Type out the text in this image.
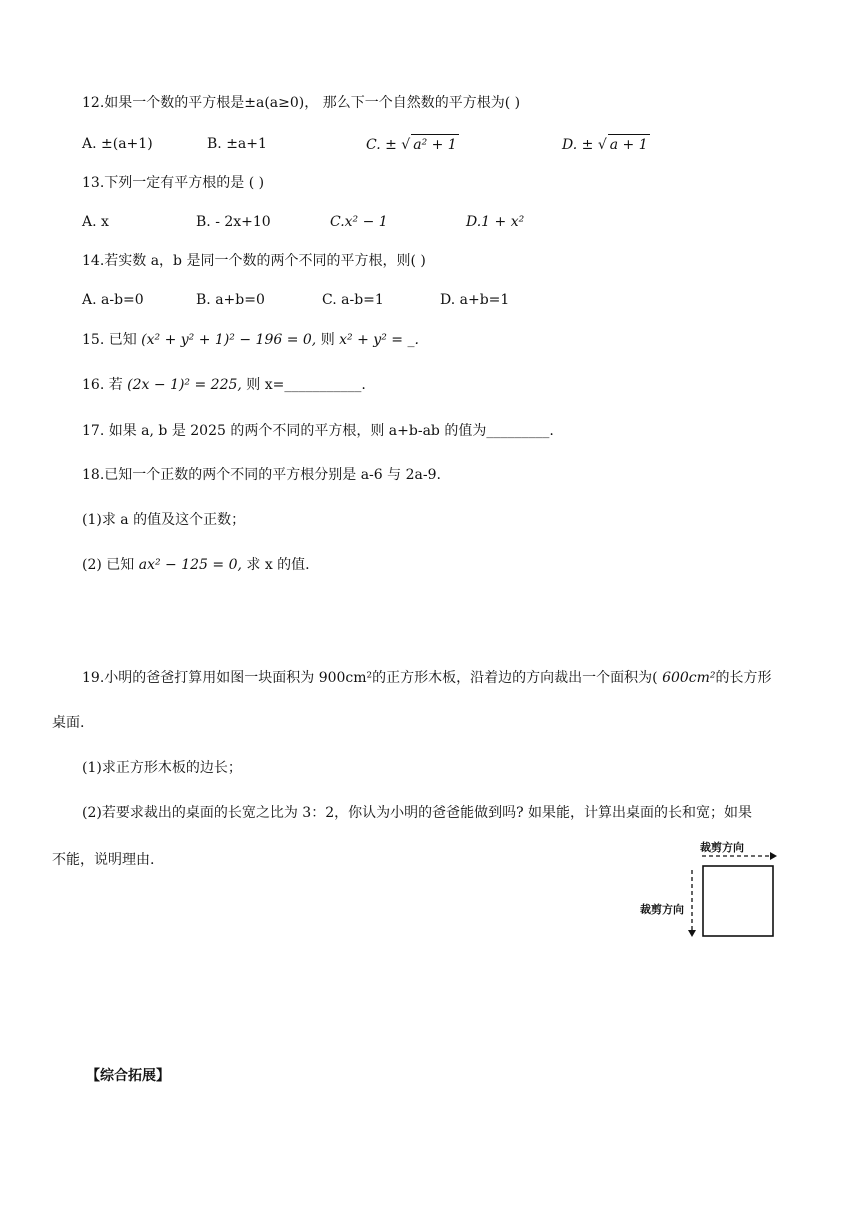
12.如果一个数的平方根是±a(a≥0)， 那么下一个自然数的平方根为( )
A. ±(a+1)	B. ±a+1	C. ± √ a² + 1	D. ± √ a + 1
13.下列一定有平方根的是 ( )
A. x	B. - 2x+10	C.x² − 1	D.1 + x²
14.若实数 a，b 是同一个数的两个不同的平方根，则( )
A. a-b=0	B. a+b=0	C. a-b=1	D. a+b=1
15. 已知 (x² + y² + 1)² − 196 = 0, 则 x² + y² = _.
16. 若 (2x − 1)² = 225, 则 x=___________.
17. 如果 a, b 是 2025 的两个不同的平方根，则 a+b-ab 的值为_________.
18.已知一个正数的两个不同的平方根分别是 a-6 与 2a-9.
(1)求 a 的值及这个正数；
(2) 已知 ax² − 125 = 0, 求 x 的值.
19.小明的爸爸打算用如图一块面积为 900cm²的正方形木板，沿着边的方向裁出一个面积为( 600cm²的长方形
桌面.
(1)求正方形木板的边长；
(2)若要求裁出的桌面的长宽之比为 3：2，你认为小明的爸爸能做到吗? 如果能，计算出桌面的长和宽；如果
不能，说明理由.
裁剪方向
裁剪方向
【综合拓展】
